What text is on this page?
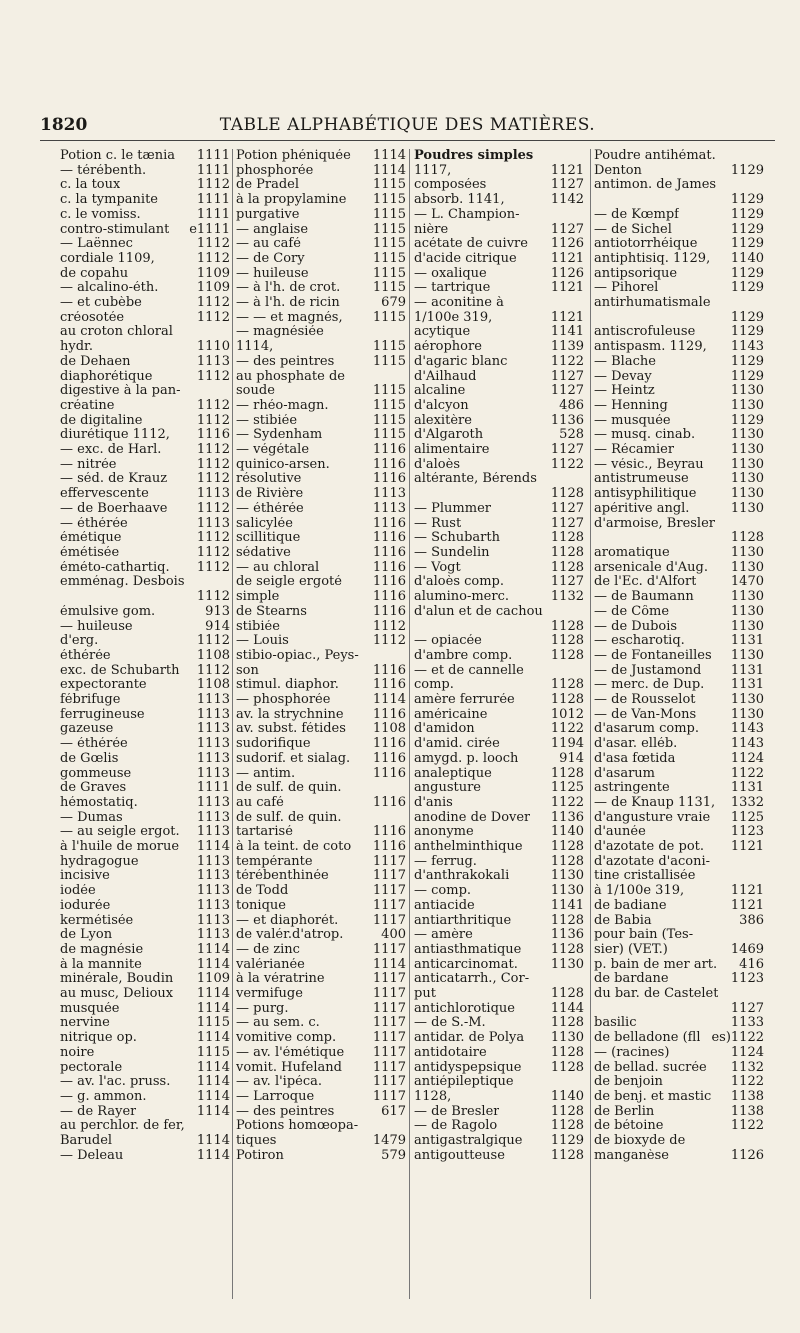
1820	TABLE ALPHABÉTIQUE DES MATIÈRES.
Potion c. le tænia 1111
— térébenth.	1111
c. la toux	1112
c. la tympanite	1111
c. le vomiss.	1111
contro-stimulant e1111
— Laënnec	1112
cordiale 1109,	1112
de copahu	1109
— alcalino-éth.	1109
— et cubèbe	1112
créosotée	1112
au croton chloral
hydr.	1110
de Dehaen	1113
diaphorétique	1112
digestive à la pan-
créatine	1112
de digitaline	1112
diurétique 1112, 1116
— exc. de Harl.	1112
— nitrée	1112
— séd. de Krauz 1112
effervescente	1113
— de Boerhaave 1112
— éthérée	1113
émétique	1112
émétisée	1112
éméto-cathartiq. 1112
emménag. Desbois
1112
émulsive gom.	913
— huileuse	914
d'erg.	1112
éthérée	1108
exc. de Schubarth 1112
expectorante	1108
fébrifuge	1113
ferrugineuse	1113
gazeuse	1113
— éthérée	1113
de Gœlis	1113
gommeuse	1113
de Graves	1111
hémostatiq.	1113
— Dumas	1113
— au seigle ergot. 1113
à l'huile de morue 1114
hydragogue	1113
incisive	1113
iodée	1113
iodurée	1113
kermétisée	1113
de Lyon	1113
de magnésie	1114
à la mannite	1114
minérale, Boudin 1109
au musc, Delioux 1114
musquée	1114
nervine	1115
nitrique op.	1114
noire	1115
pectorale	1114
— av. l'ac. pruss. 1114
— g. ammon.	1114
— de Rayer	1114
au perchlor. de fer,
Barudel	1114
— Deleau	1114
Potion phéniquée 1114
phosphorée	1114
de Pradel	1115
à la propylamine 1115
purgative	1115
— anglaise	1115
— au café	1115
— de Cory	1115
— huileuse	1115
— à l'h. de crot.	1115
— à l'h. de ricin	679
— — et magnés, 1115
— magnésiée
1114,	1115
— des peintres	1115
au phosphate de
soude	1115
— rhéo-magn.	1115
— stibiée	1115
— Sydenham	1115
— végétale	1116
quinico-arsen.	1116
résolutive	1116
de Rivière	1113
— éthérée	1113
salicylée	1116
scillitique	1116
sédative	1116
— au chloral	1116
de seigle ergoté 1116
simple	1116
de Stearns	1116
stibiée	1112
— Louis	1112
stibio-opiac., Peys-
son	1116
stimul. diaphor.	1116
— phosphorée	1114
av. la strychnine 1116
av. subst. fétides 1108
sudorifique	1116
sudorif. et sialag. 1116
— antim.	1116
de sulf. de quin.
au café	1116
de sulf. de quin.
tartarisé	1116
à la teint. de coto 1116
tempérante	1117
térébenthinée	1117
de Todd	1117
tonique	1117
— et diaphorét.	1117
de valér.d'atrop.	400
— de zinc	1117
valérianée	1114
à la vératrine	1117
vermifuge	1117
— purg.	1117
— au sem. c.	1117
vomitive comp.	1117
— av. l'émétique 1117
vomit. Hufeland 1117
— av. l'ipéca.	1117
— Larroque	1117
— des peintres	617
Potions homœopa-
tiques	1479
Potiron	579
Poudres simples
1117,	1121
composées	1127
absorb. 1141,	1142
— L. Champion-
nière	1127
acétate de cuivre 1126
d'acide citrique	1121
— oxalique	1126
— tartrique	1121
— aconitine à
1/100e 319,	1121
acytique	1141
aérophore	1139
d'agaric blanc	1122
d'Ailhaud	1127
alcaline	1127
d'alcyon	486
alexitère	1136
d'Algaroth	528
alimentaire	1127
d'aloès	1122
altérante, Bérends
1128
— Plummer	1127
— Rust	1127
— Schubarth	1128
— Sundelin	1128
— Vogt	1128
d'aloès comp.	1127
alumino-merc.	1132
d'alun et de cachou
1128
— opiacée	1128
d'ambre comp.	1128
— et de cannelle
comp.	1128
amère ferrurée	1128
américaine	1012
d'amidon	1122
d'amid. cirée	1194
amygd. p. looch	914
analeptique	1128
angusture	1125
d'anis	1122
anodine de Dover 1136
anonyme	1140
anthelminthique 1128
— ferrug.	1128
d'anthrakokali	1130
— comp.	1130
antiacide	1141
antiarthritique	1128
— amère	1136
antiasthmatique 1128
anticarcinomat.	1130
anticatarrh., Cor-
put	1128
antichlorotique	1144
— de S.-M.	1128
antidar. de Polya 1130
antidotaire	1128
antidyspepsique 1128
antiépileptique
1128,	1140
— de Bresler	1128
— de Ragolo	1128
antigastralgique 1129
antigoutteuse	1128
Poudre antihémat.
Denton	1129
antimon. de James
1129
— de Kœmpf	1129
— de Sichel	1129
antiotorrhéique	1129
antiphtisiq. 1129, 1140
antipsorique	1129
— Pihorel	1129
antirhumatismale
1129
antiscrofuleuse	1129
antispasm. 1129, 1143
— Blache	1129
— Devay	1129
— Heintz	1130
— Henning	1130
— musquée	1129
— musq. cinab.	1130
— Récamier	1130
— vésic., Beyrau 1130
antistrumeuse	1130
antisyphilitique	1130
apéritive angl.	1130
d'armoise, Bresler
1128
aromatique	1130
arsenicale d'Aug. 1130
de l'Ec. d'Alfort	1470
— de Baumann	1130
— de Côme	1130
— de Dubois	1130
— escharotiq.	1131
— de Fontaneilles 1130
— de Justamond 1131
— merc. de Dup. 1131
— de Rousselot	1130
— de Van-Mons	1130
d'asarum comp. 1143
d'asar. elléb.	1143
d'asa fœtida	1124
d'asarum	1122
astringente	1131
— de Knaup 1131, 1332
d'angusture vraie 1125
d'aunée	1123
d'azotate de pot. 1121
d'azotate d'aconi-
tine cristallisée
à 1/100e 319,	1121
de badiane	1121
de Babia	386
pour bain (Tes-
sier) (VÉT.)	1469
p. bain de mer art. 416
de bardane	1123
du bar. de Castelet
1127
basilic	1133
de belladone (fll es)1122
— (racines)	1124
de bellad. sucrée 1132
de benjoin	1122
de benj. et mastic 1138
de Berlin	1138
de bétoine	1122
de bioxyde de
manganèse	1126
